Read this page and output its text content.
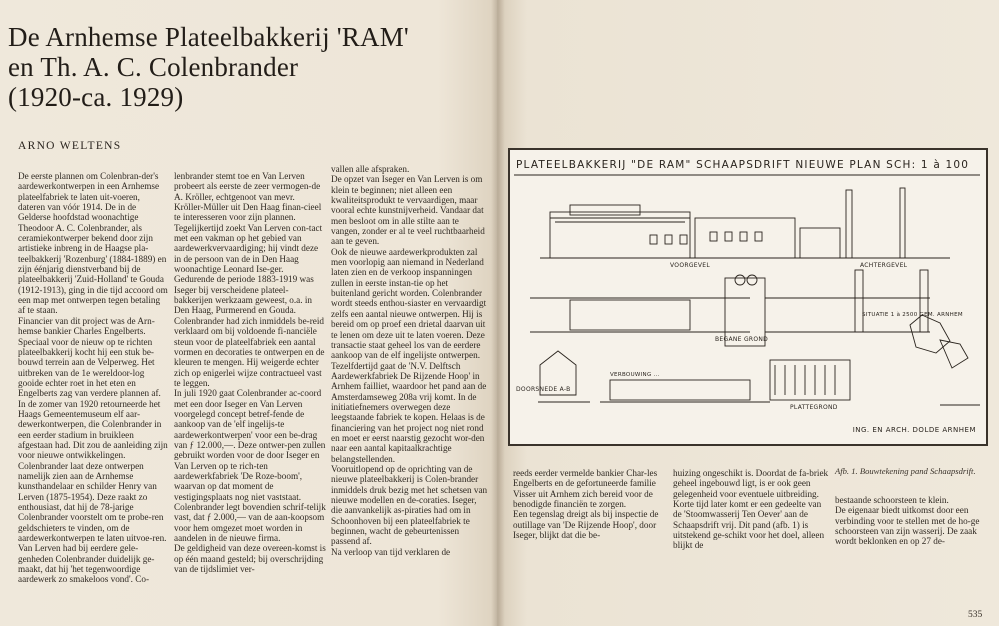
De Arnhemse Plateelbakkerij 'RAM'
en Th. A. C. Colenbrander
(1920-ca. 1929)
ARNO WELTENS

De eerste plannen om Colenbran-der's aardewerkontwerpen in een Arnhemse plateelfabriek te laten uit-voeren, dateren van vóór 1914. De in de Gelderse hoofdstad woonachtige Theodoor A. C. Colenbrander, als ceramiekontwerper bekend door zijn artistieke inbreng in de Haagse pla-teelbakkerij 'Rozenburg' (1884-1889) en zijn éénjarig dienstverband bij de plateelbakkerij 'Zuid-Holland' te Gouda (1912-1913), ging in die tijd accoord om een map met ontwerpen tegen betaling af te staan.

Financier van dit project was de Arn-hemse bankier Charles Engelberts. Speciaal voor de nieuw op te richten plateelbakkerij kocht hij een stuk be-bouwd terrein aan de Velperweg. Het uitbreken van de 1e wereldoor-log gooide echter roet in het eten en Engelberts zag van verdere plannen af.

In de zomer van 1920 retourneerde het Haags Gemeentemuseum elf aar-dewerkontwerpen, die Colenbrander in een eerder stadium in bruikleen afgestaan had. Dit zou de aanleiding zijn voor nieuwe ontwikkelingen. Colenbrander laat deze ontwerpen namelijk zien aan de Arnhemse kunsthandelaar en schilder Henry van Lerven (1875-1954). Deze raakt zo enthousiast, dat hij de 78-jarige Colenbrander voorstelt om te probe-ren geldschieters te vinden, om de aardewerkontwerpen te laten uitvoe-ren. Van Lerven had bij eerdere gele-genheden Colenbrander duidelijk ge-maakt, dat hij 'het tegenwoordige aardewerk zo smakeloos vond'. Co-

lenbrander stemt toe en Van Lerven probeert als eerste de zeer vermogen-de A. Kröller, echtgenoot van mevr. Kröller-Müller uit Den Haag finan-cieel te interesseren voor zijn plannen.

Tegelijkertijd zoekt Van Lerven con-tact met een vakman op het gebied van aardewerkvervaardiging; hij vindt deze in de persoon van de in Den Haag woonachtige Leonard Ise-ger. Gedurende de periode 1883-1919 was Iseger bij verscheidene plateel-bakkerijen werkzaam geweest, o.a. in Den Haag, Purmerend en Gouda. Colenbrander had zich inmiddels be-reid verklaard om bij voldoende fi-nanciële steun voor de plateelfabriek een aantal vormen en decoraties te ontwerpen en de kleuren te mengen. Hij weigerde echter zich op enigerlei wijze contractueel vast te leggen.

In juli 1920 gaat Colenbrander ac-coord met een door Iseger en Van Lerven voorgelegd concept betref-fende de aankoop van de 'elf ingelijs-te aardewerkontwerpen' voor een be-drag van ƒ 12.000,—. Deze ontwer-pen zullen gebruikt worden voor de door Iseger en Van Lerven op te rich-ten aardewerkfabriek 'De Roze-boom', waarvan op dat moment de vestigingsplaats nog niet vaststaat. Colenbrander legt bovendien schrif-telijk vast, dat ƒ 2.000,— van de aan-koopsom voor hem omgezet moet worden in aandelen in de nieuwe firma.

De geldigheid van deze overeen-komst is op één maand gesteld; bij overschrijding van de tijdslimiet ver-

vallen alle afspraken.

De opzet van Iseger en Van Lerven is om klein te beginnen; niet alleen een kwaliteitsprodukt te vervaardigen, maar vooral echte kunstnijverheid. Vandaar dat men besloot om in alle stilte aan te vangen, zonder er al te veel ruchtbaarheid aan te geven.

Ook de nieuwe aardewerkprodukten zal men voorlopig aan niemand in Nederland laten zien en de verkoop inspanningen zullen in eerste instan-tie op het buitenland gericht worden. Colenbrander wordt steeds enthou-siaster en vervaardigt zelfs een aantal nieuwe ontwerpen. Hij is bereid om op proef een drietal daarvan uit te lenen om deze uit te laten voeren. Deze transactie staat geheel los van de eerdere aankoop van de elf ingelijste ontwerpen.

Tezelfdertijd gaat de 'N.V. Delftsch Aardewerkfabriek De Rijzende Hoop' in Arnhem failliet, waardoor het pand aan de Amsterdamseweg 208a vrij komt. In de initiatiefnemers overwegen deze leegstaande fabriek te kopen. Helaas is de financiering van het project nog niet rond en moet er eerst naarstig gezocht wor-den naar een aantal kapitaalkrachtige belangstellenden.

Vooruitlopend op de oprichting van de nieuwe plateelbakkerij is Colen-brander inmiddels druk bezig met het schetsen van nieuwe modellen en de-coraties. Iseger, die aanvankelijk as-piraties had om in Schoonhoven bij een plateelfabriek te beginnen, wacht de gebeurtenissen passend af.

Na verloop van tijd verklaren de

PLATEELBAKKERIJ "DE RAM" SCHAAPSDRIFT NIEUWE PLAN SCH: 1 à 100
VOORGEVEL	ACHTERGEVEL
BEGANE GROND
PLATTEGROND
DOORSNEDE A-B
SITUATIE 1 à 2500 GEM. ARNHEM
VERBOUWING ...
ING. EN ARCH. DOLDE ARNHEM
Afb. 1. Bouwtekening pand Schaapsdrift.

reeds eerder vermelde bankier Char-les Engelberts en de gefortuneerde familie Visser uit Arnhem zich bereid voor de benodigde financiën te zorgen.

Een tegenslag dreigt als bij inspectie de outillage van 'De Rijzende Hoop', door Iseger, blijkt dat die be-

huizing ongeschikt is. Doordat de fa-briek geheel ingebouwd ligt, is er ook geen gelegenheid voor eventuele uitbreiding. Korte tijd later komt er een gedeelte van de 'Stoomwasserij Ten Oever' aan de Schaapsdrift vrij. Dit pand (afb. 1) is uitstekend ge-schikt voor het doel, alleen blijkt de

bestaande schoorsteen te klein.

De eigenaar biedt uitkomst door een verbinding voor te stellen met de ho-ge schoorsteen van zijn wasserij. De zaak wordt beklonken en op 27 de-

535
